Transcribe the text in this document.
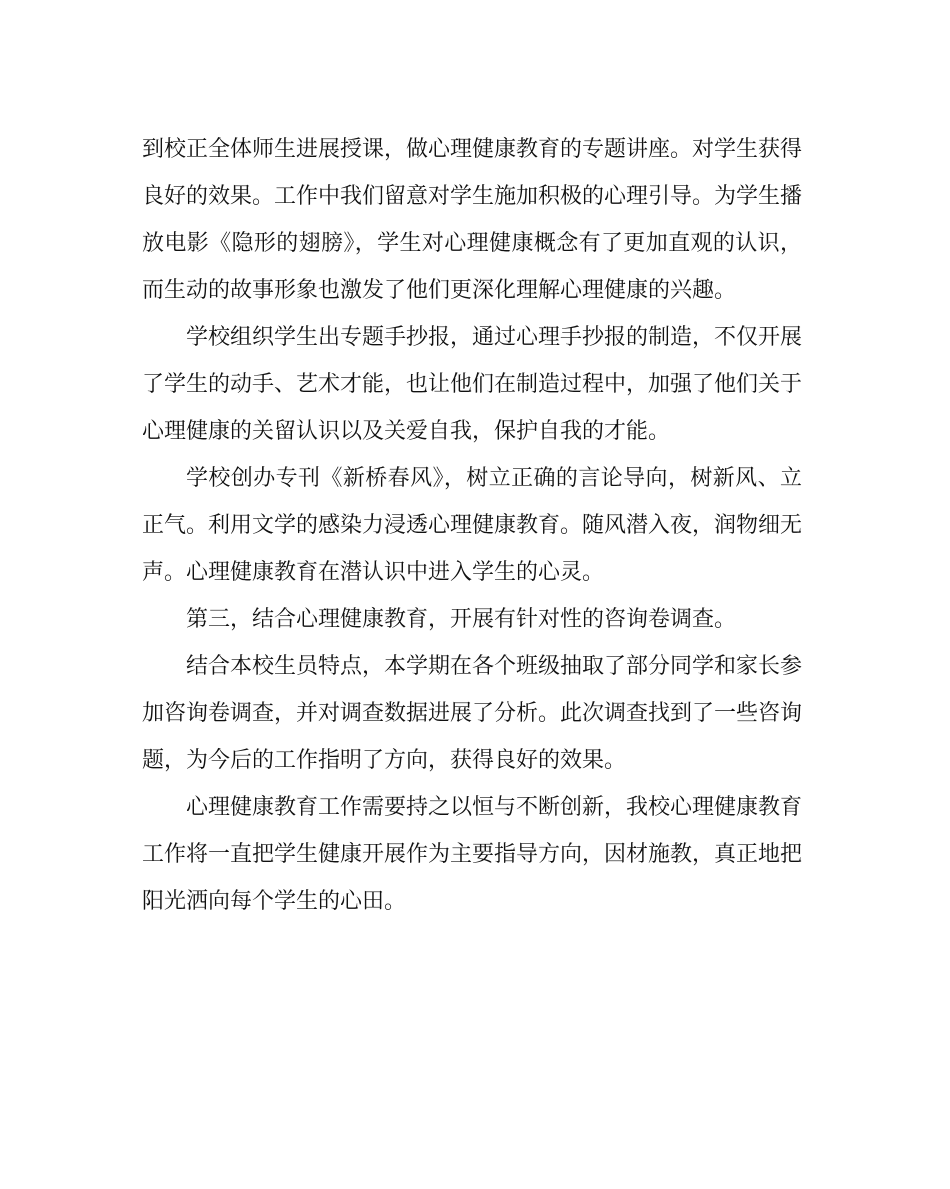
到校正全体师生进展授课，做心理健康教育的专题讲座。对学生获得良好的效果。工作中我们留意对学生施加积极的心理引导。为学生播放电影《隐形的翅膀》，学生对心理健康概念有了更加直观的认识，而生动的故事形象也激发了他们更深化理解心理健康的兴趣。

学校组织学生出专题手抄报，通过心理手抄报的制造，不仅开展了学生的动手、艺术才能，也让他们在制造过程中，加强了他们关于心理健康的关留认识以及关爱自我，保护自我的才能。

学校创办专刊《新桥春风》，树立正确的言论导向，树新风、立正气。利用文学的感染力浸透心理健康教育。随风潜入夜，润物细无声。心理健康教育在潜认识中进入学生的心灵。

第三，结合心理健康教育，开展有针对性的咨询卷调查。

结合本校生员特点，本学期在各个班级抽取了部分同学和家长参加咨询卷调查，并对调查数据进展了分析。此次调查找到了一些咨询题，为今后的工作指明了方向，获得良好的效果。

心理健康教育工作需要持之以恒与不断创新，我校心理健康教育工作将一直把学生健康开展作为主要指导方向，因材施教，真正地把阳光洒向每个学生的心田。
